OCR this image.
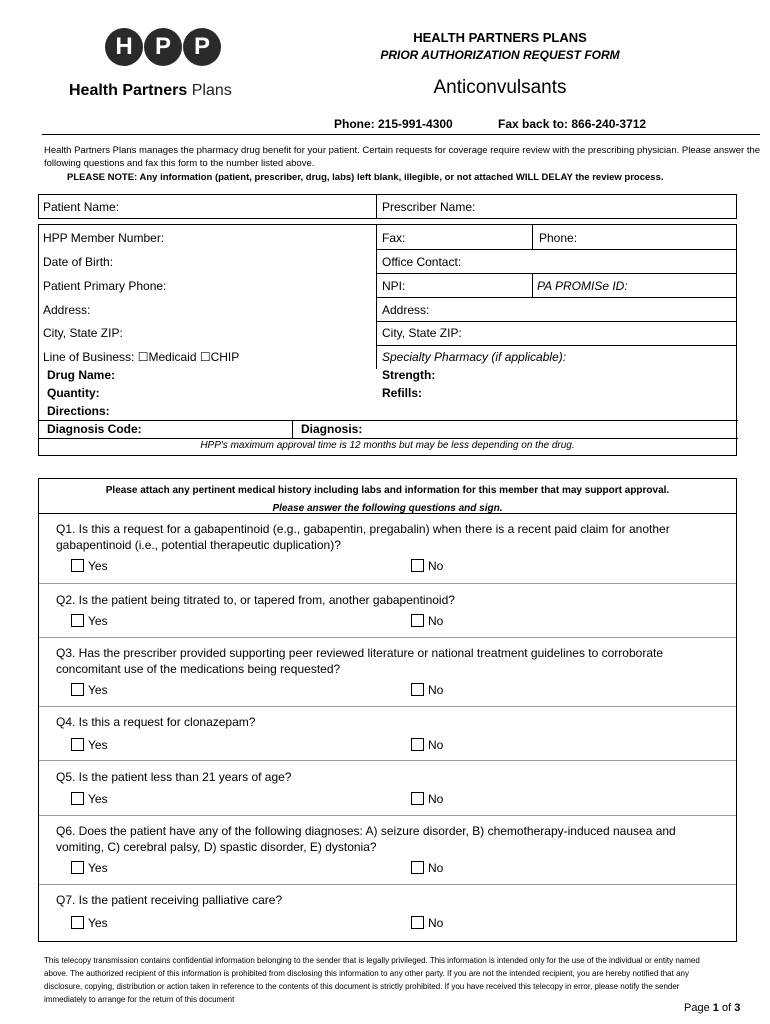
H P P
Health Partners Plans
HEALTH PARTNERS PLANS
PRIOR AUTHORIZATION REQUEST FORM
Anticonvulsants
Phone: 215-991-4300	Fax back to: 866-240-3712
Health Partners Plans manages the pharmacy drug benefit for your patient. Certain requests for coverage require review with the prescribing physician. Please answer the following questions and fax this form to the number listed above.
PLEASE NOTE: Any information (patient, prescriber, drug, labs) left blank, illegible, or not attached WILL DELAY the review process.
Patient Name:	Prescriber Name:
HPP Member Number:	Fax:	Phone:
Date of Birth:	Office Contact:
Patient Primary Phone:	NPI:	PA PROMISe ID:
Address:	Address:
City, State ZIP:	City, State ZIP:
Line of Business: ☐Medicaid ☐CHIP	Specialty Pharmacy (if applicable):
Drug Name:	Strength:
Quantity:	Refills:
Directions:
Diagnosis Code:	Diagnosis:
HPP's maximum approval time is 12 months but may be less depending on the drug.
Please attach any pertinent medical history including labs and information for this member that may support approval.
Please answer the following questions and sign.
Q1. Is this a request for a gabapentinoid (e.g., gabapentin, pregabalin) when there is a recent paid claim for another gabapentinoid (i.e., potential therapeutic duplication)?
Yes	No
Q2. Is the patient being titrated to, or tapered from, another gabapentinoid?
Yes	No
Q3. Has the prescriber provided supporting peer reviewed literature or national treatment guidelines to corroborate concomitant use of the medications being requested?
Yes	No
Q4. Is this a request for clonazepam?
Yes	No
Q5. Is the patient less than 21 years of age?
Yes	No
Q6. Does the patient have any of the following diagnoses: A) seizure disorder, B) chemotherapy-induced nausea and vomiting, C) cerebral palsy, D) spastic disorder, E) dystonia?
Yes	No
Q7. Is the patient receiving palliative care?
Yes	No
This telecopy transmission contains confidential information belonging to the sender that is legally privileged. This information is intended only for the use of the individual or entity named above. The authorized recipient of this information is prohibited from disclosing this information to any other party. If you are not the intended recipient, you are hereby notified that any disclosure, copying, distribution or action taken in reference to the contents of this document is strictly prohibited. If you have received this telecopy in error, please notify the sender immediately to arrange for the return of this document
Page 1 of 3
